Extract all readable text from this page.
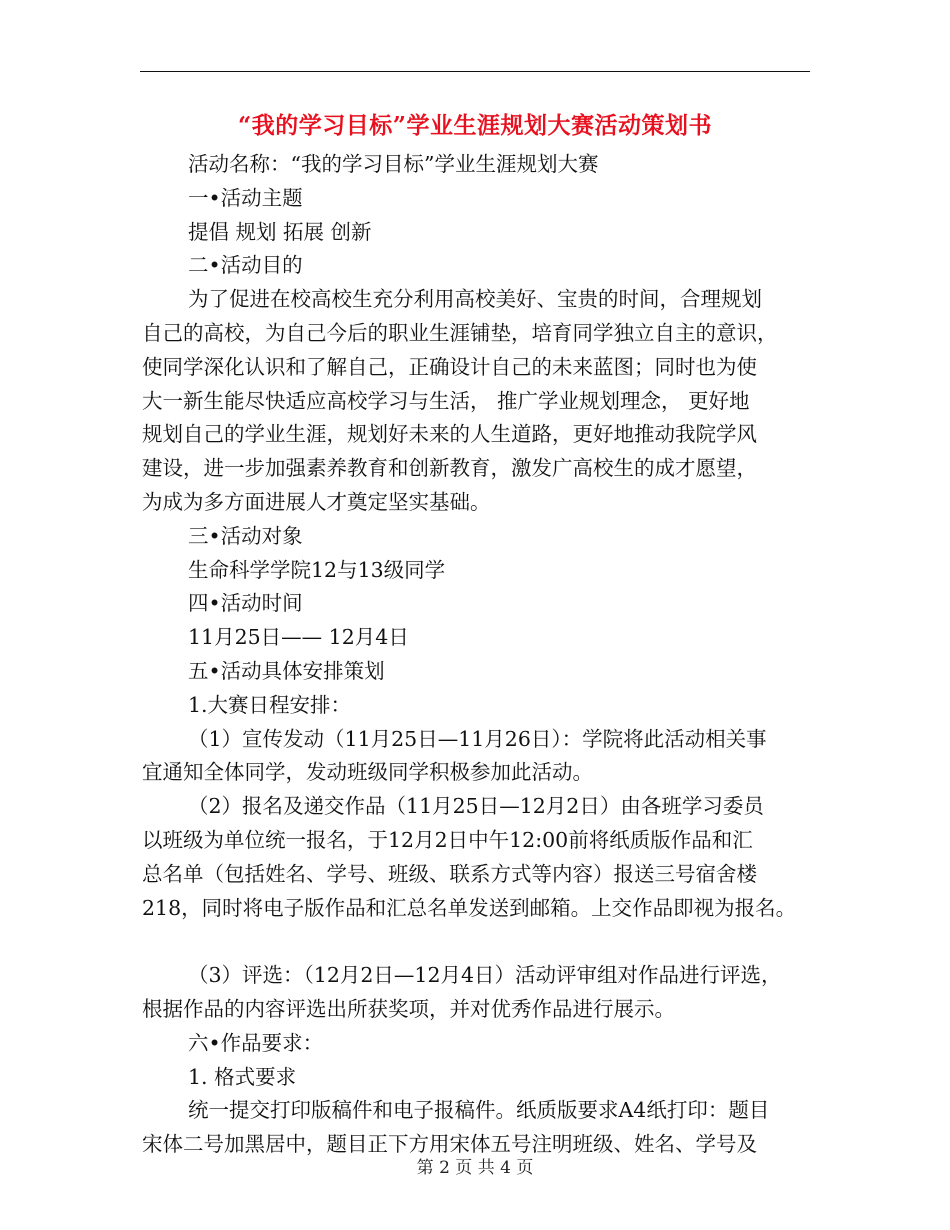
“我的学习目标”学业生涯规划大赛活动策划书

活动名称：“我的学习目标”学业生涯规划大赛

一•活动主题

提倡 规划 拓展 创新

二•活动目的

为了促进在校高校生充分利用高校美好、宝贵的时间，合理规划

自己的高校，为自己今后的职业生涯铺垫，培育同学独立自主的意识，

使同学深化认识和了解自己，正确设计自己的未来蓝图；同时也为使

大一新生能尽快适应高校学习与生活， 推广学业规划理念， 更好地

规划自己的学业生涯，规划好未来的人生道路，更好地推动我院学风

建设，进一步加强素养教育和创新教育，激发广高校生的成才愿望，

为成为多方面进展人才奠定坚实基础。

三•活动对象

生命科学学院12与13级同学

四•活动时间

11月25日—— 12月4日

五•活动具体安排策划

1.大赛日程安排：

（1）宣传发动（11月25日—11月26日）：学院将此活动相关事

宜通知全体同学，发动班级同学积极参加此活动。

（2）报名及递交作品（11月25日—12月2日）由各班学习委员

以班级为单位统一报名，于12月2日中午12:00前将纸质版作品和汇

总名单（包括姓名、学号、班级、联系方式等内容）报送三号宿舍楼

218，同时将电子版作品和汇总名单发送到邮箱。上交作品即视为报名。

（3）评选：（12月2日—12月4日）活动评审组对作品进行评选，

根据作品的内容评选出所获奖项，并对优秀作品进行展示。

六•作品要求：

1. 格式要求

统一提交打印版稿件和电子报稿件。纸质版要求A4纸打印：题目

宋体二号加黑居中，题目正下方用宋体五号注明班级、姓名、学号及

第 2 页 共 4 页
